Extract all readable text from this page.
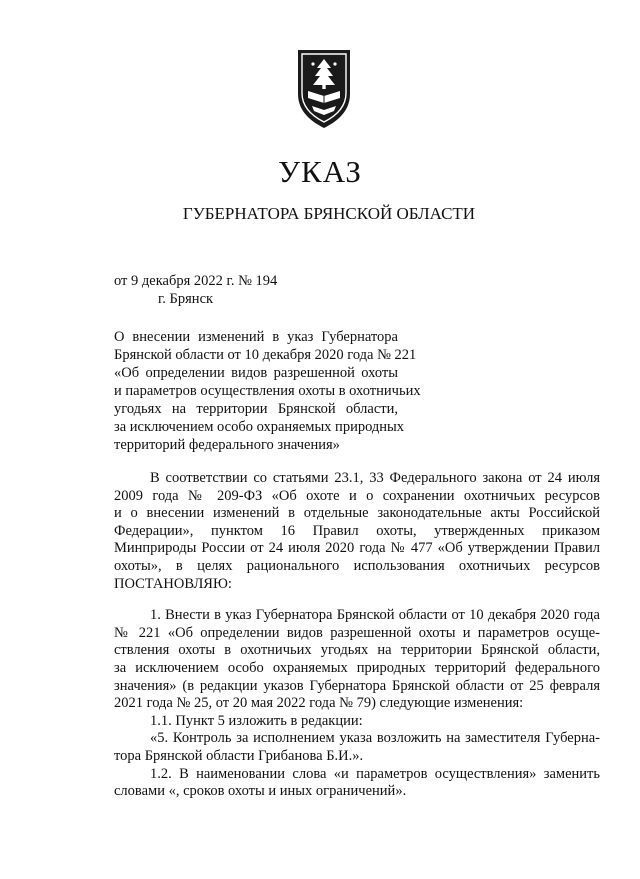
УКАЗ
ГУБЕРНАТОРА БРЯНСКОЙ ОБЛАСТИ
от 9 декабря 2022 г. № 194
г. Брянск
О внесении изменений в указ Губернатора
Брянской области от 10 декабря 2020 года № 221
«Об определении видов разрешенной охоты
и параметров осуществления охоты в охотничьих
угодьях на территории Брянской области,
за исключением особо охраняемых природных
территорий федерального значения»

В соответствии со статьями 23.1, 33 Федерального закона от 24 июля

2009 года № 209-ФЗ «Об охоте и о сохранении охотничьих ресурсов

и о внесении изменений в отдельные законодательные акты Российской

Федерации», пунктом 16 Правил охоты, утвержденных приказом

Минприроды России от 24 июля 2020 года № 477 «Об утверждении Правил

охоты», в целях рационального использования охотничьих ресурсов

ПОСТАНОВЛЯЮ:

1. Внести в указ Губернатора Брянской области от 10 декабря 2020 года

№ 221 «Об определении видов разрешенной охоты и параметров осуще-

ствления охоты в охотничьих угодьях на территории Брянской области,

за исключением особо охраняемых природных территорий федерального

значения» (в редакции указов Губернатора Брянской области от 25 февраля

2021 года № 25, от 20 мая 2022 года № 79) следующие изменения:

1.1. Пункт 5 изложить в редакции:

«5. Контроль за исполнением указа возложить на заместителя Губерна-

тора Брянской области Грибанова Б.И.».

1.2. В наименовании слова «и параметров осуществления» заменить

словами «, сроков охоты и иных ограничений».
